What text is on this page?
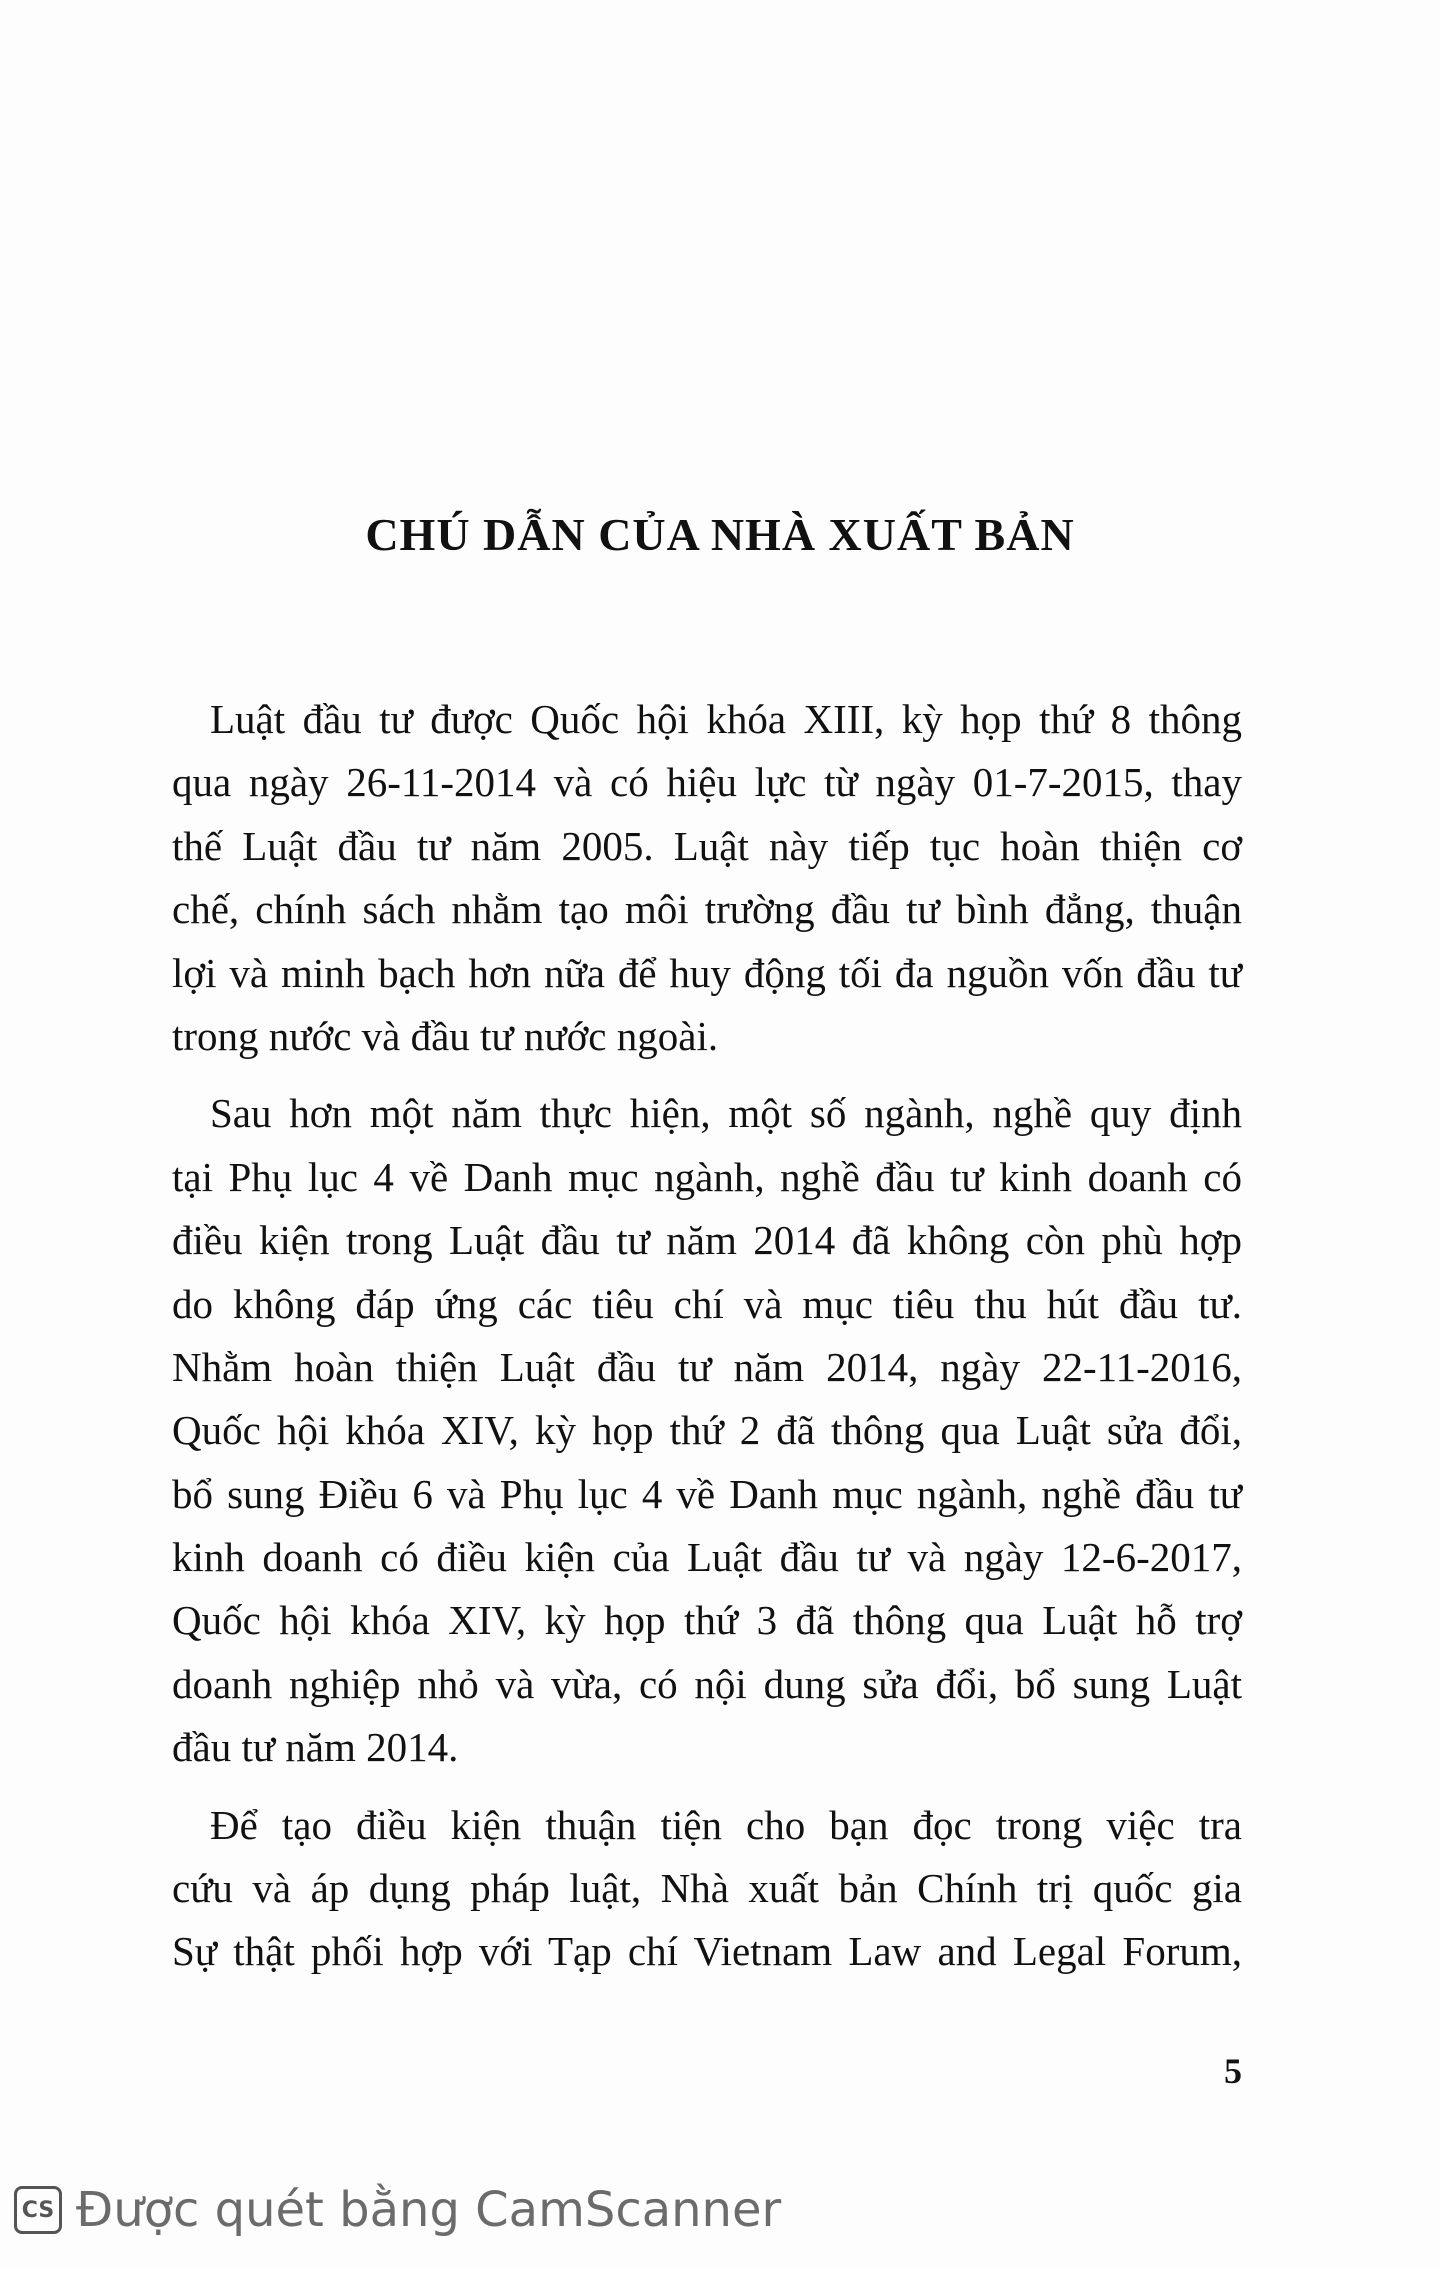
CHÚ DẪN CỦA NHÀ XUẤT BẢN
Luật đầu tư được Quốc hội khóa XIII, kỳ họp thứ 8 thông
qua ngày 26-11-2014 và có hiệu lực từ ngày 01-7-2015, thay
thế Luật đầu tư năm 2005. Luật này tiếp tục hoàn thiện cơ
chế, chính sách nhằm tạo môi trường đầu tư bình đẳng, thuận
lợi và minh bạch hơn nữa để huy động tối đa nguồn vốn đầu tư
trong nước và đầu tư nước ngoài.
Sau hơn một năm thực hiện, một số ngành, nghề quy định
tại Phụ lục 4 về Danh mục ngành, nghề đầu tư kinh doanh có
điều kiện trong Luật đầu tư năm 2014 đã không còn phù hợp
do không đáp ứng các tiêu chí và mục tiêu thu hút đầu tư.
Nhằm hoàn thiện Luật đầu tư năm 2014, ngày 22-11-2016,
Quốc hội khóa XIV, kỳ họp thứ 2 đã thông qua Luật sửa đổi,
bổ sung Điều 6 và Phụ lục 4 về Danh mục ngành, nghề đầu tư
kinh doanh có điều kiện của Luật đầu tư và ngày 12-6-2017,
Quốc hội khóa XIV, kỳ họp thứ 3 đã thông qua Luật hỗ trợ
doanh nghiệp nhỏ và vừa, có nội dung sửa đổi, bổ sung Luật
đầu tư năm 2014.
Để tạo điều kiện thuận tiện cho bạn đọc trong việc tra
cứu và áp dụng pháp luật, Nhà xuất bản Chính trị quốc gia
Sự thật phối hợp với Tạp chí Vietnam Law and Legal Forum,
5
CS Được quét bằng CamScanner
